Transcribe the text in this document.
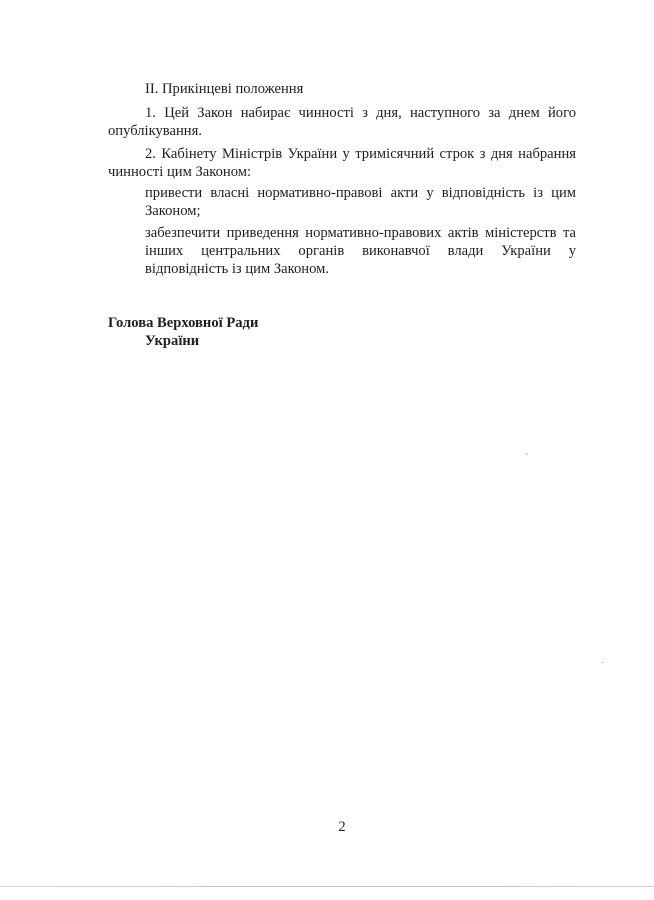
II. Прикінцеві положення

1. Цей Закон набирає чинності з дня, наступного за днем його опублікування.

2. Кабінету Міністрів України у тримісячний строк з дня набрання чинності цим Законом:

привести власні нормативно-правові акти у відповідність із цим Законом;

забезпечити приведення нормативно-правових актів міністерств та інших центральних органів виконавчої влади України у відповідність із цим Законом.

Голова Верховної Ради
України
2
